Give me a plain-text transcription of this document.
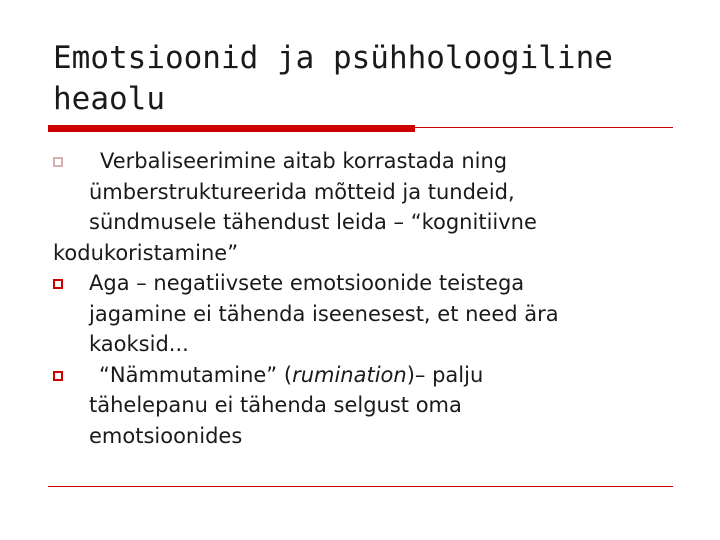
Emotsioonid ja psühholoogiline
heaolu
Verbaliseerimine aitab korrastada ning
ümberstruktureerida mõtteid ja tundeid,
sündmusele tähendust leida – “kognitiivne
kodukoristamine”
Aga – negatiivsete emotsioonide teistega
jagamine ei tähenda iseenesest, et need ära
kaoksid...
“Nämmutamine” (rumination)– palju
tähelepanu ei tähenda selgust oma
emotsioonides
